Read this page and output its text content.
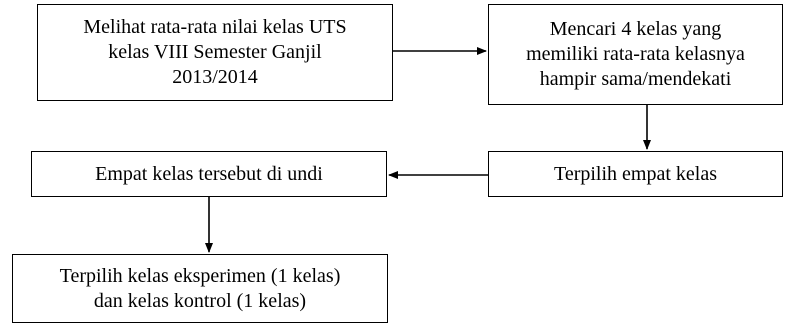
Melihat rata-rata nilai kelas UTS
kelas VIII Semester Ganjil
2013/2014
Mencari 4 kelas yang
memiliki rata-rata kelasnya
hampir sama/mendekati
Terpilih empat kelas
Empat kelas tersebut di undi
Terpilih kelas eksperimen (1 kelas)
dan kelas kontrol (1 kelas)
